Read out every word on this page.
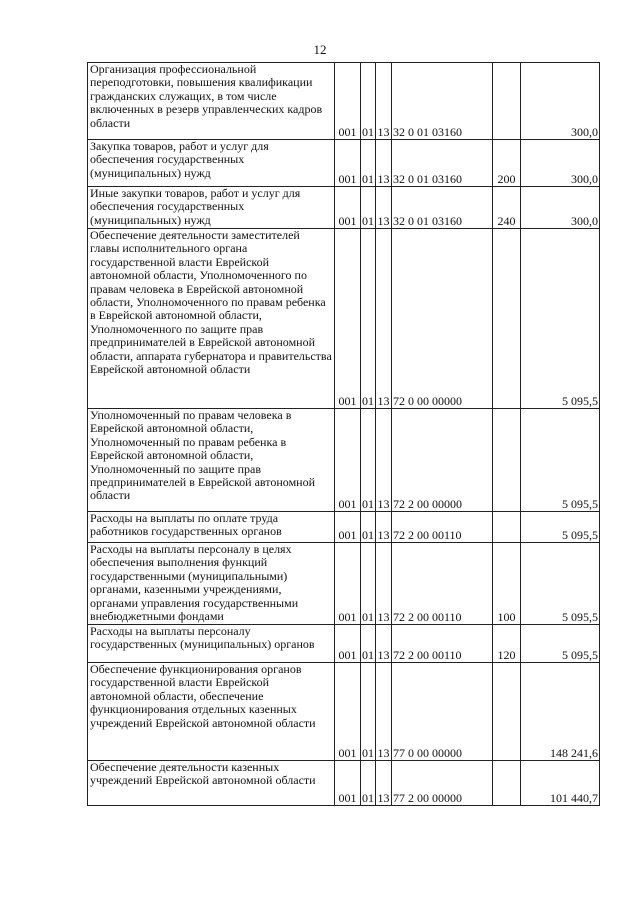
12
Организация профессиональной переподготовки, повышения квалификации гражданских служащих, в том числе включенных в резерв управленческих кадров области	001	01	13	32 0 01 03160		300,0
Закупка товаров, работ и услуг для обеспечения государственных (муниципальных) нужд	001	01	13	32 0 01 03160	200	300,0
Иные закупки товаров, работ и услуг для обеспечения государственных (муниципальных) нужд	001	01	13	32 0 01 03160	240	300,0
Обеспечение деятельности заместителей главы исполнительного органа государственной власти Еврейской автономной области, Уполномоченного по правам человека в Еврейской автономной области, Уполномоченного по правам ребенка в Еврейской автономной области, Уполномоченного по защите прав предпринимателей в Еврейской автономной области, аппарата губернатора и правительства Еврейской автономной области	001	01	13	72 0 00 00000		5 095,5
Уполномоченный по правам человека в Еврейской автономной области, Уполномоченный по правам ребенка в Еврейской автономной области, Уполномоченный по защите прав предпринимателей в Еврейской автономной области	001	01	13	72 2 00 00000		5 095,5
Расходы на выплаты по оплате труда работников государственных органов	001	01	13	72 2 00 00110		5 095,5
Расходы на выплаты персоналу в целях обеспечения выполнения функций государственными (муниципальными) органами, казенными учреждениями, органами управления государственными внебюджетными фондами	001	01	13	72 2 00 00110	100	5 095,5
Расходы на выплаты персоналу государственных (муниципальных) органов	001	01	13	72 2 00 00110	120	5 095,5
Обеспечение функционирования органов государственной власти Еврейской автономной области, обеспечение функционирования отдельных казенных учреждений Еврейской автономной области	001	01	13	77 0 00 00000		148 241,6
Обеспечение деятельности казенных учреждений Еврейской автономной области	001	01	13	77 2 00 00000		101 440,7
